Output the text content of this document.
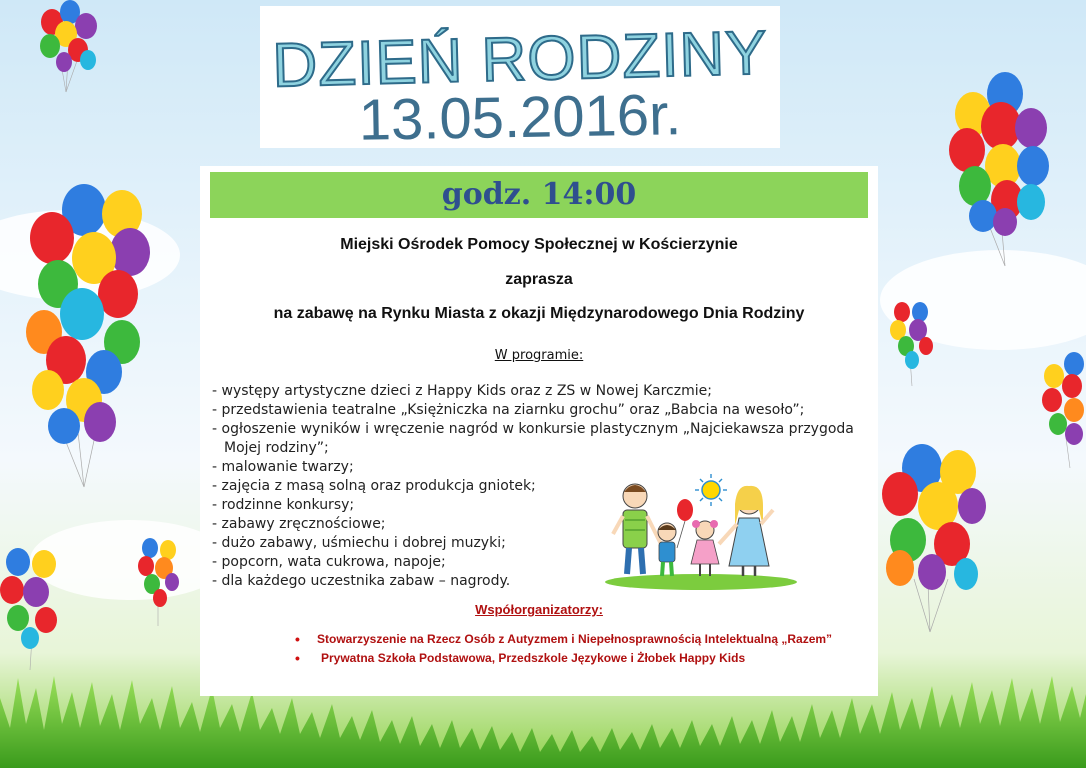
DZIEŃ RODZINY
13.05.2016r.
godz. 14:00
Miejski Ośrodek Pomocy Społecznej w Kościerzynie
zaprasza
na zabawę na Rynku Miasta z okazji Międzynarodowego Dnia Rodziny
W programie:
- występy artystyczne dzieci z Happy Kids oraz z ZS w Nowej Karczmie;
- przedstawienia teatralne „Księżniczka na ziarnku grochu” oraz „Babcia na wesoło”;
- ogłoszenie wyników i wręczenie nagród w konkursie plastycznym „Najciekawsza przygoda Mojej rodziny”;
- malowanie twarzy;
- zajęcia z masą solną oraz produkcja gniotek;
- rodzinne konkursy;
- zabawy zręcznościowe;
- dużo zabawy, uśmiechu i dobrej muzyki;
- popcorn, wata cukrowa, napoje;
- dla każdego uczestnika zabaw – nagrody.
Współorganizatorzy:
• Stowarzyszenie na Rzecz Osób z Autyzmem i Niepełnosprawnością Intelektualną „Razem”
• Prywatna Szkoła Podstawowa, Przedszkole Językowe i Żłobek Happy Kids
